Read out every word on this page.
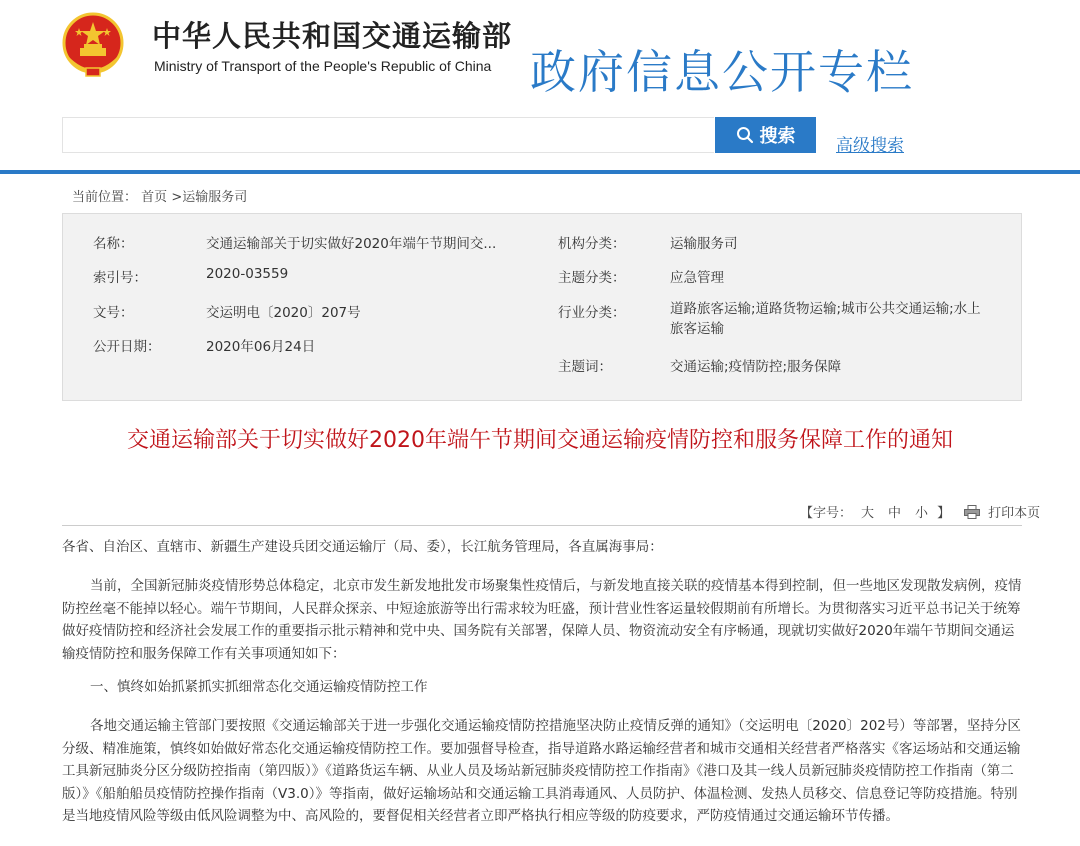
中华人民共和国交通运输部
Ministry of Transport of the People's Republic of China 政府信息公开专栏
搜索 高级搜索
当前位置： 首页 >运输服务司
名称：	交通运输部关于切实做好2020年端午节期间交...
索引号：	2020-03559
文号：	交运明电〔2020〕207号
公开日期：	2020年06月24日
机构分类：	运输服务司
主题分类：	应急管理
行业分类：	道路旅客运输;道路货物运输;城市公共交通运输;水上旅客运输
主题词：	交通运输;疫情防控;服务保障
交通运输部关于切实做好2020年端午节期间交通运输疫情防控和服务保障工作的通知
【字号： 大 中 小 】	打印本页
各省、自治区、直辖市、新疆生产建设兵团交通运输厅（局、委），长江航务管理局，各直属海事局：
当前，全国新冠肺炎疫情形势总体稳定，北京市发生新发地批发市场聚集性疫情后，与新发地直接关联的疫情基本得到控制，但一些地区发现散发病例，疫情防控丝毫不能掉以轻心。端午节期间，人民群众探亲、中短途旅游等出行需求较为旺盛，预计营业性客运量较假期前有所增长。为贯彻落实习近平总书记关于统筹做好疫情防控和经济社会发展工作的重要指示批示精神和党中央、国务院有关部署，保障人员、物资流动安全有序畅通，现就切实做好2020年端午节期间交通运输疫情防控和服务保障工作有关事项通知如下：
一、慎终如始抓紧抓实抓细常态化交通运输疫情防控工作
各地交通运输主管部门要按照《交通运输部关于进一步强化交通运输疫情防控措施坚决防止疫情反弹的通知》（交运明电〔2020〕202号）等部署，坚持分区分级、精准施策，慎终如始做好常态化交通运输疫情防控工作。要加强督导检查，指导道路水路运输经营者和城市交通相关经营者严格落实《客运场站和交通运输工具新冠肺炎分区分级防控指南（第四版）》《道路货运车辆、从业人员及场站新冠肺炎疫情防控工作指南》《港口及其一线人员新冠肺炎疫情防控工作指南（第二版）》《船舶船员疫情防控操作指南（V3.0）》等指南，做好运输场站和交通运输工具消毒通风、人员防护、体温检测、发热人员移交、信息登记等防疫措施。特别是当地疫情风险等级由低风险调整为中、高风险的，要督促相关经营者立即严格执行相应等级的防疫要求，严防疫情通过交通运输环节传播。
